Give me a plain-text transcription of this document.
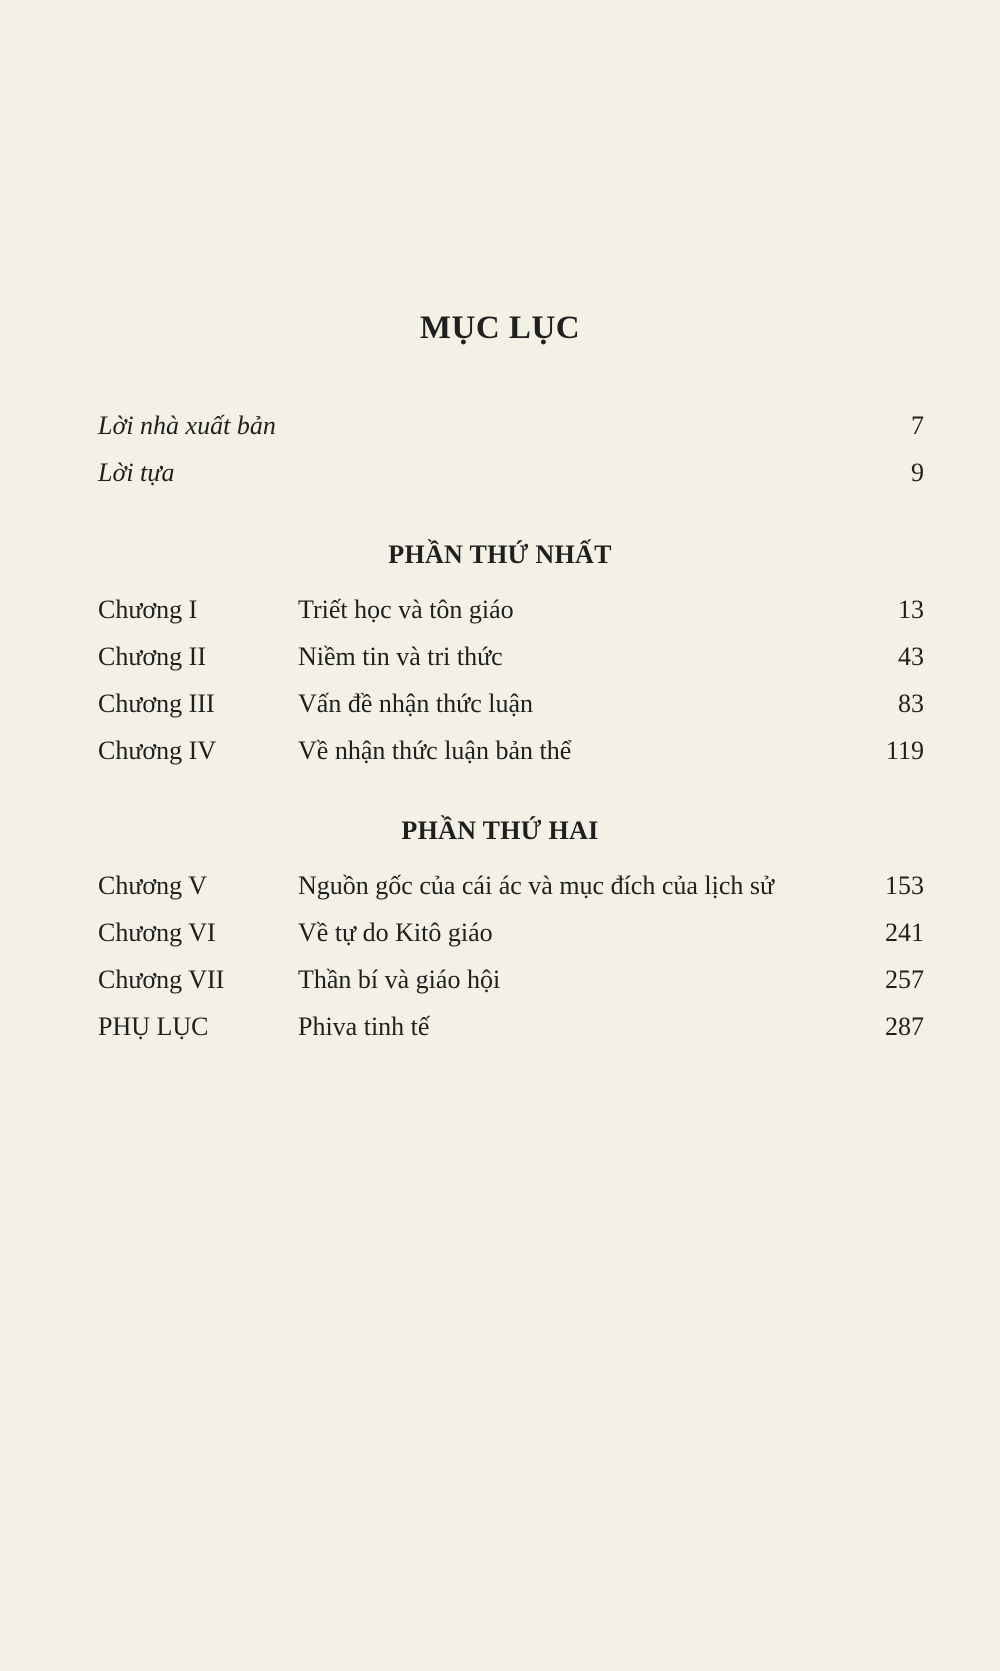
MỤC LỤC
Lời nhà xuất bản	7
Lời tựa	9
PHẦN THỨ NHẤT
Chương I	Triết học và tôn giáo	13
Chương II	Niềm tin và tri thức	43
Chương III	Vấn đề nhận thức luận	83
Chương IV	Về nhận thức luận bản thể	119
PHẦN THỨ HAI
Chương V	Nguồn gốc của cái ác và mục đích của lịch sử	153
Chương VI	Về tự do Kitô giáo	241
Chương VII	Thần bí và giáo hội	257
PHỤ LỤC	Phiva tinh tế	287
